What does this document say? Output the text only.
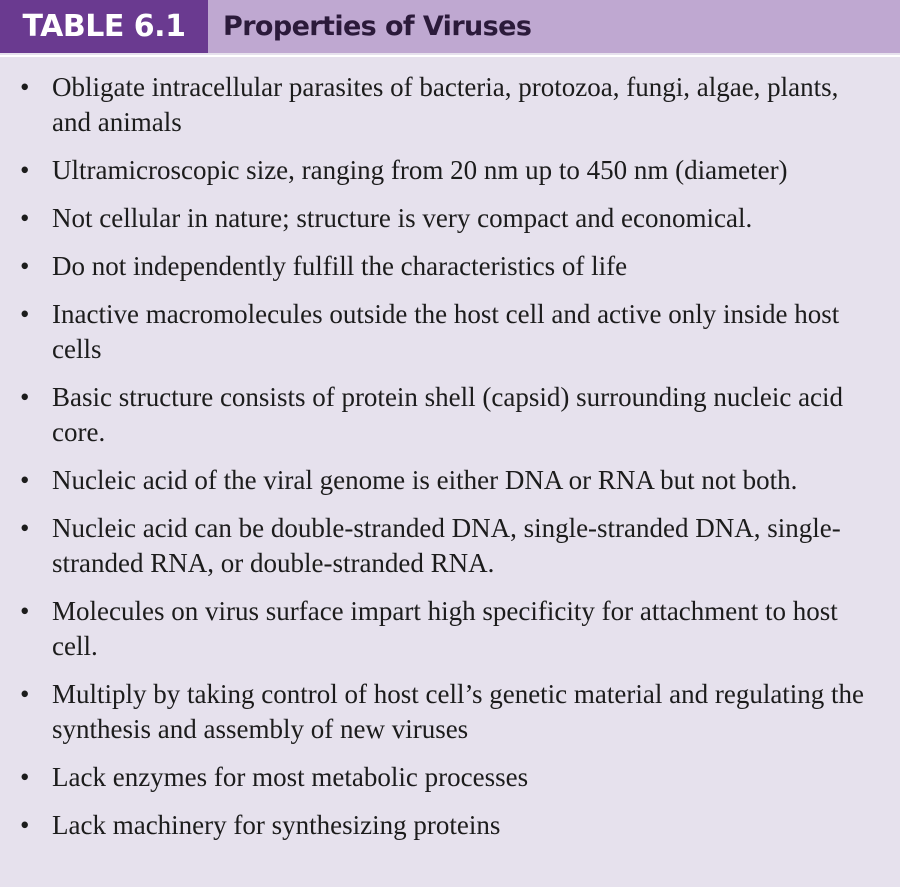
TABLE 6.1	Properties of Viruses
• Obligate intracellular parasites of bacteria, protozoa, fungi, algae, plants, and animals
• Ultramicroscopic size, ranging from 20 nm up to 450 nm (diameter)
• Not cellular in nature; structure is very compact and economical.
• Do not independently fulfill the characteristics of life
• Inactive macromolecules outside the host cell and active only inside host cells
• Basic structure consists of protein shell (capsid) surrounding nucleic acid core.
• Nucleic acid of the viral genome is either DNA or RNA but not both.
• Nucleic acid can be double-stranded DNA, single-stranded DNA, single-stranded RNA, or double-stranded RNA.
• Molecules on virus surface impart high specificity for attachment to host cell.
• Multiply by taking control of host cell’s genetic material and regulating the synthesis and assembly of new viruses
• Lack enzymes for most metabolic processes
• Lack machinery for synthesizing proteins
